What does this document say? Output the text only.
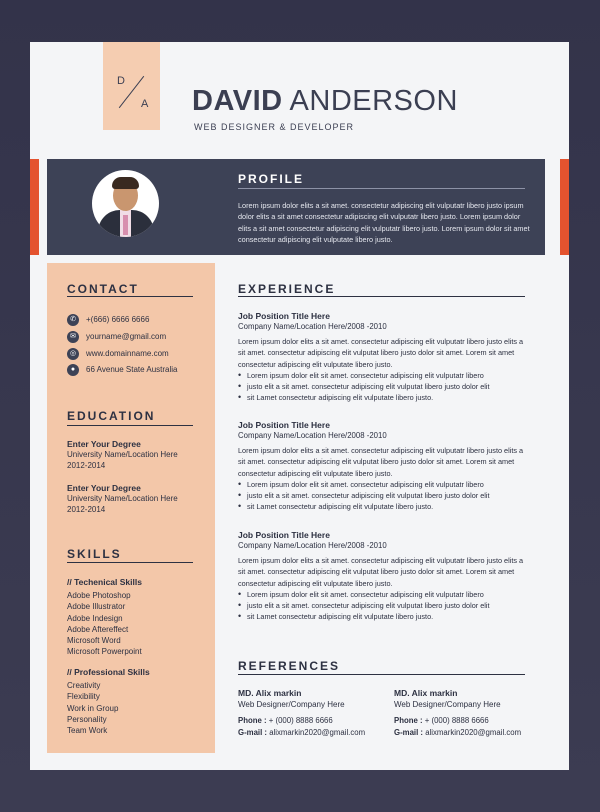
D
A DAVID ANDERSON
WEB DESIGNER & DEVELOPER
PROFILE
Lorem ipsum dolor elits a sit amet. consectetur adipiscing elit vulputatr libero justo ipsum dolor elits a sit amet consectetur adipiscing elit vulputatr libero justo. Lorem ipsum dolor elits a sit amet consectetur adipiscing elit vulputatr libero justo. Lorem ipsum dolor sit amet consectetur adipiscing elit vulputate libero justo.
CONTACT
✆	+(666) 6666 6666
✉	yourname@gmail.com
◎	www.domainname.com
●	66 Avenue State Australia
EDUCATION
Enter Your Degree
University Name/Location Here
2012-2014
Enter Your Degree
University Name/Location Here
2012-2014
SKILLS
// Techenical Skills
Adobe Photoshop
Adobe Illustrator
Adobe Indesign
Adobe Aftereffect
Microsoft Word
Microsoft Powerpoint
// Professional Skills
Creativity
Flexibility
Work in Group
Personality
Team Work
EXPERIENCE
Job Position Title Here
Company Name/Location Here/2008 -2010
Lorem ipsum dolor elits a sit amet. consectetur adipiscing elit vulputatr libero justo elits a sit amet. consectetur adipiscing elit vulputat libero justo dolor sit amet. Lorem sit amet consectetur adipiscing elit vulputate libero justo.
• Lorem ipsum dolor elit sit amet. consectetur adipiscing elit vulputatr libero
• justo elit a sit amet. consectetur adipiscing elit vulputat libero justo dolor elit
• sit Lamet consectetur adipiscing elit vulputate libero justo.
Job Position Title Here
Company Name/Location Here/2008 -2010
Lorem ipsum dolor elits a sit amet. consectetur adipiscing elit vulputatr libero justo elits a sit amet. consectetur adipiscing elit vulputat libero justo dolor sit amet. Lorem sit amet consectetur adipiscing elit vulputate libero justo.
• Lorem ipsum dolor elit sit amet. consectetur adipiscing elit vulputatr libero
• justo elit a sit amet. consectetur adipiscing elit vulputat libero justo dolor elit
• sit Lamet consectetur adipiscing elit vulputate libero justo.
Job Position Title Here
Company Name/Location Here/2008 -2010
Lorem ipsum dolor elits a sit amet. consectetur adipiscing elit vulputatr libero justo elits a sit amet. consectetur adipiscing elit vulputat libero justo dolor sit amet. Lorem sit amet consectetur adipiscing elit vulputate libero justo.
• Lorem ipsum dolor elit sit amet. consectetur adipiscing elit vulputatr libero
• justo elit a sit amet. consectetur adipiscing elit vulputat libero justo dolor elit
• sit Lamet consectetur adipiscing elit vulputate libero justo.
REFERENCES
MD. Alix markin
Web Designer/Company Here
Phone : + (000) 8888 6666
G-mail : alixmarkin2020@gmail.com
MD. Alix markin
Web Designer/Company Here
Phone : + (000) 8888 6666
G-mail : alixmarkin2020@gmail.com
